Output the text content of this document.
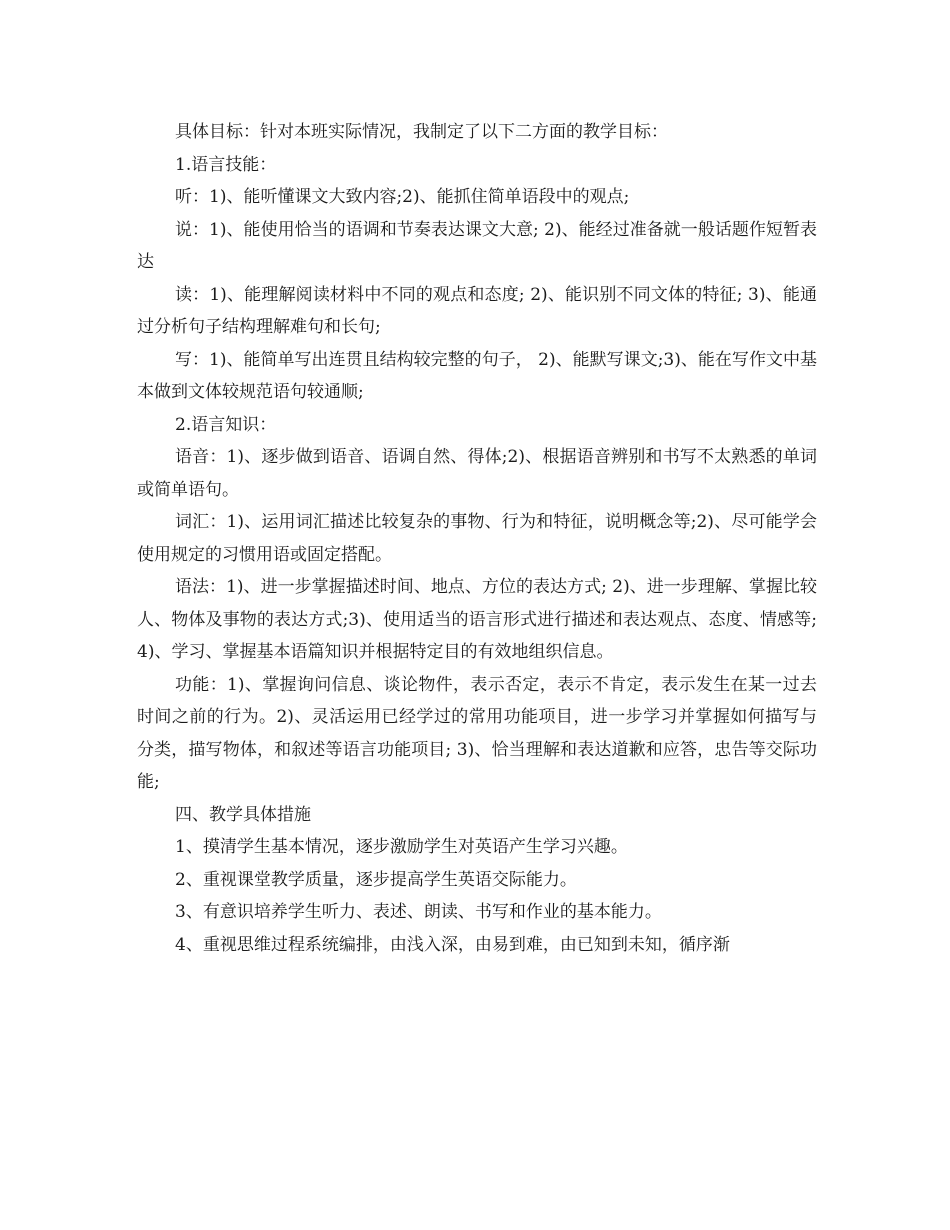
具体目标：针对本班实际情况，我制定了以下二方面的教学目标：

1.语言技能：

听：1)、能听懂课文大致内容;2)、能抓住简单语段中的观点;

说：1)、能使用恰当的语调和节奏表达课文大意; 2)、能经过准备就一般话题作短暂表达

读：1)、能理解阅读材料中不同的观点和态度; 2)、能识别不同文体的特征; 3)、能通过分析句子结构理解难句和长句;

写：1)、能简单写出连贯且结构较完整的句子， 2)、能默写课文;3)、能在写作文中基本做到文体较规范语句较通顺;

2.语言知识：

语音：1)、逐步做到语音、语调自然、得体;2)、根据语音辨别和书写不太熟悉的单词或简单语句。

词汇：1)、运用词汇描述比较复杂的事物、行为和特征，说明概念等;2)、尽可能学会使用规定的习惯用语或固定搭配。

语法：1)、进一步掌握描述时间、地点、方位的表达方式; 2)、进一步理解、掌握比较人、物体及事物的表达方式;3)、使用适当的语言形式进行描述和表达观点、态度、情感等; 4)、学习、掌握基本语篇知识并根据特定目的有效地组织信息。

功能：1)、掌握询问信息、谈论物件，表示否定，表示不肯定，表示发生在某一过去时间之前的行为。2)、灵活运用已经学过的常用功能项目，进一步学习并掌握如何描写与分类，描写物体，和叙述等语言功能项目; 3)、恰当理解和表达道歉和应答，忠告等交际功能;

四、教学具体措施

1、摸清学生基本情况，逐步激励学生对英语产生学习兴趣。

2、重视课堂教学质量，逐步提高学生英语交际能力。

3、有意识培养学生听力、表述、朗读、书写和作业的基本能力。

4、重视思维过程系统编排，由浅入深，由易到难，由已知到未知，循序渐
